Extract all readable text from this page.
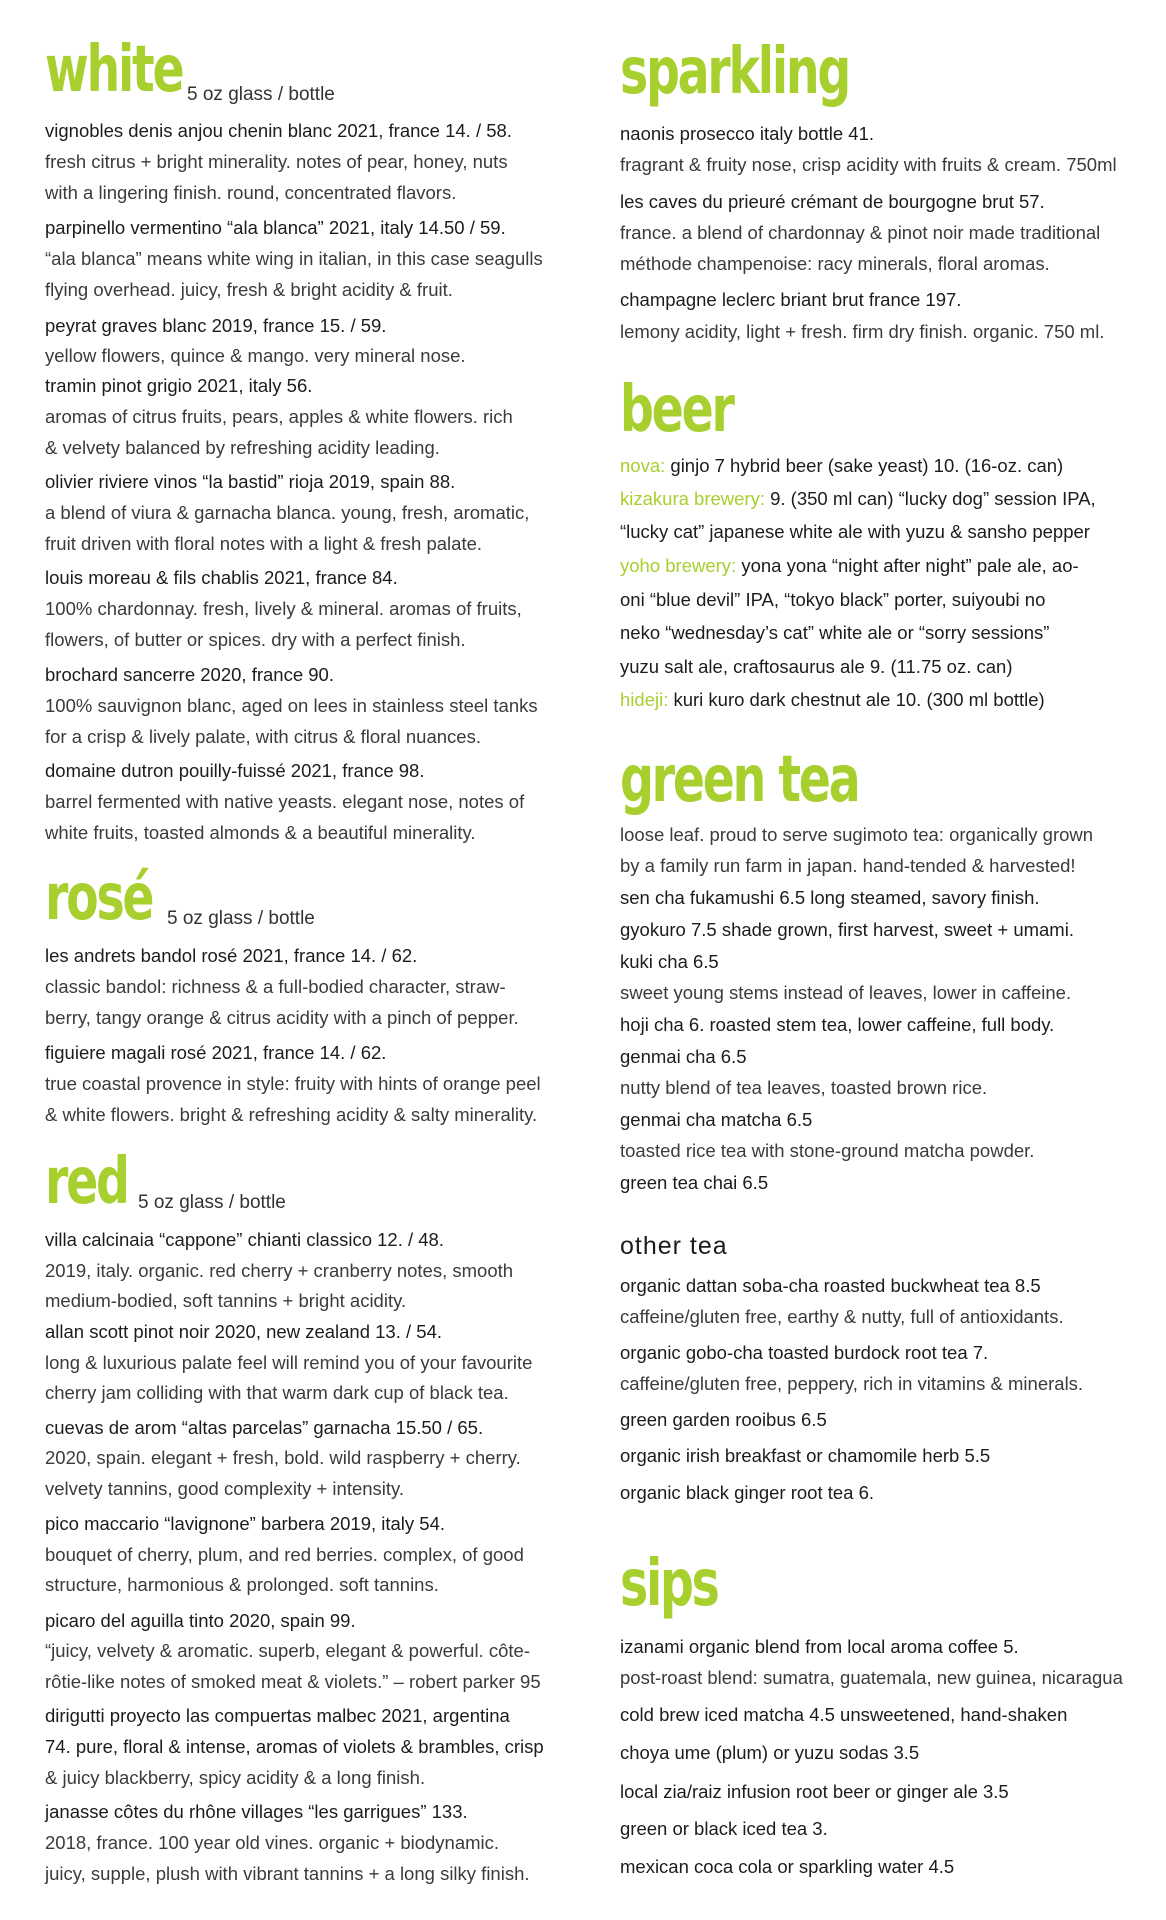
white 5 oz glass / bottle
vignobles denis anjou chenin blanc 2021, france 14. / 58.
fresh citrus + bright minerality. notes of pear, honey, nuts
with a lingering finish. round, concentrated flavors.
parpinello vermentino “ala blanca” 2021, italy 14.50 / 59.
“ala blanca” means white wing in italian, in this case seagulls
flying overhead. juicy, fresh & bright acidity & fruit.
peyrat graves blanc 2019, france 15. / 59.
yellow flowers, quince & mango. very mineral nose.
tramin pinot grigio 2021, italy 56.
aromas of citrus fruits, pears, apples & white flowers. rich
& velvety balanced by refreshing acidity leading.
olivier riviere vinos “la bastid” rioja 2019, spain 88.
a blend of viura & garnacha blanca. young, fresh, aromatic,
fruit driven with floral notes with a light & fresh palate.
louis moreau & fils chablis 2021, france 84.
100% chardonnay. fresh, lively & mineral. aromas of fruits,
flowers, of butter or spices. dry with a perfect finish.
brochard sancerre 2020, france 90.
100% sauvignon blanc, aged on lees in stainless steel tanks
for a crisp & lively palate, with citrus & floral nuances.
domaine dutron pouilly-fuissé 2021, france 98.
barrel fermented with native yeasts. elegant nose, notes of
white fruits, toasted almonds & a beautiful minerality.
rosé 5 oz glass / bottle
les andrets bandol rosé 2021, france 14. / 62.
classic bandol: richness & a full-bodied character, straw-
berry, tangy orange & citrus acidity with a pinch of pepper.
figuiere magali rosé 2021, france 14. / 62.
true coastal provence in style: fruity with hints of orange peel
& white flowers. bright & refreshing acidity & salty minerality.
red 5 oz glass / bottle
villa calcinaia “cappone” chianti classico 12. / 48.
2019, italy. organic. red cherry + cranberry notes, smooth
medium-bodied, soft tannins + bright acidity.
allan scott pinot noir 2020, new zealand 13. / 54.
long & luxurious palate feel will remind you of your favourite
cherry jam colliding with that warm dark cup of black tea.
cuevas de arom “altas parcelas” garnacha 15.50 / 65.
2020, spain. elegant + fresh, bold. wild raspberry + cherry.
velvety tannins, good complexity + intensity.
pico maccario “lavignone” barbera 2019, italy 54.
bouquet of cherry, plum, and red berries. complex, of good
structure, harmonious & prolonged. soft tannins.
picaro del aguilla tinto 2020, spain 99.
“juicy, velvety & aromatic. superb, elegant & powerful. côte-
rôtie-like notes of smoked meat & violets.” – robert parker 95
dirigutti proyecto las compuertas malbec 2021, argentina
74. pure, floral & intense, aromas of violets & brambles, crisp
& juicy blackberry, spicy acidity & a long finish.
janasse côtes du rhône villages “les garrigues” 133.
2018, france. 100 year old vines. organic + biodynamic.
juicy, supple, plush with vibrant tannins + a long silky finish.
sparkling
naonis prosecco italy bottle 41.
fragrant & fruity nose, crisp acidity with fruits & cream. 750ml
les caves du prieuré crémant de bourgogne brut 57.
france. a blend of chardonnay & pinot noir made traditional
méthode champenoise: racy minerals, floral aromas.
champagne leclerc briant brut france 197.
lemony acidity, light + fresh. firm dry finish. organic. 750 ml.
beer
nova: ginjo 7 hybrid beer (sake yeast) 10. (16-oz. can)
kizakura brewery: 9. (350 ml can) “lucky dog” session IPA,
“lucky cat” japanese white ale with yuzu & sansho pepper
yoho brewery: yona yona “night after night” pale ale, ao-
oni “blue devil” IPA, “tokyo black” porter, suiyoubi no
neko “wednesday’s cat” white ale or “sorry sessions”
yuzu salt ale, craftosaurus ale 9. (11.75 oz. can)
hideji: kuri kuro dark chestnut ale 10. (300 ml bottle)
green tea
loose leaf. proud to serve sugimoto tea: organically grown
by a family run farm in japan. hand-tended & harvested!
sen cha fukamushi 6.5 long steamed, savory finish.
gyokuro 7.5 shade grown, first harvest, sweet + umami.
kuki cha 6.5
sweet young stems instead of leaves, lower in caffeine.
hoji cha 6. roasted stem tea, lower caffeine, full body.
genmai cha 6.5
nutty blend of tea leaves, toasted brown rice.
genmai cha matcha 6.5
toasted rice tea with stone-ground matcha powder.
green tea chai 6.5
other tea
organic dattan soba-cha roasted buckwheat tea 8.5
caffeine/gluten free, earthy & nutty, full of antioxidants.
organic gobo-cha toasted burdock root tea 7.
caffeine/gluten free, peppery, rich in vitamins & minerals.
green garden rooibus 6.5
organic irish breakfast or chamomile herb 5.5
organic black ginger root tea 6.
sips
izanami organic blend from local aroma coffee 5.
post-roast blend: sumatra, guatemala, new guinea, nicaragua
cold brew iced matcha 4.5 unsweetened, hand-shaken
choya ume (plum) or yuzu sodas 3.5
local zia/raiz infusion root beer or ginger ale 3.5
green or black iced tea 3.
mexican coca cola or sparkling water 4.5
